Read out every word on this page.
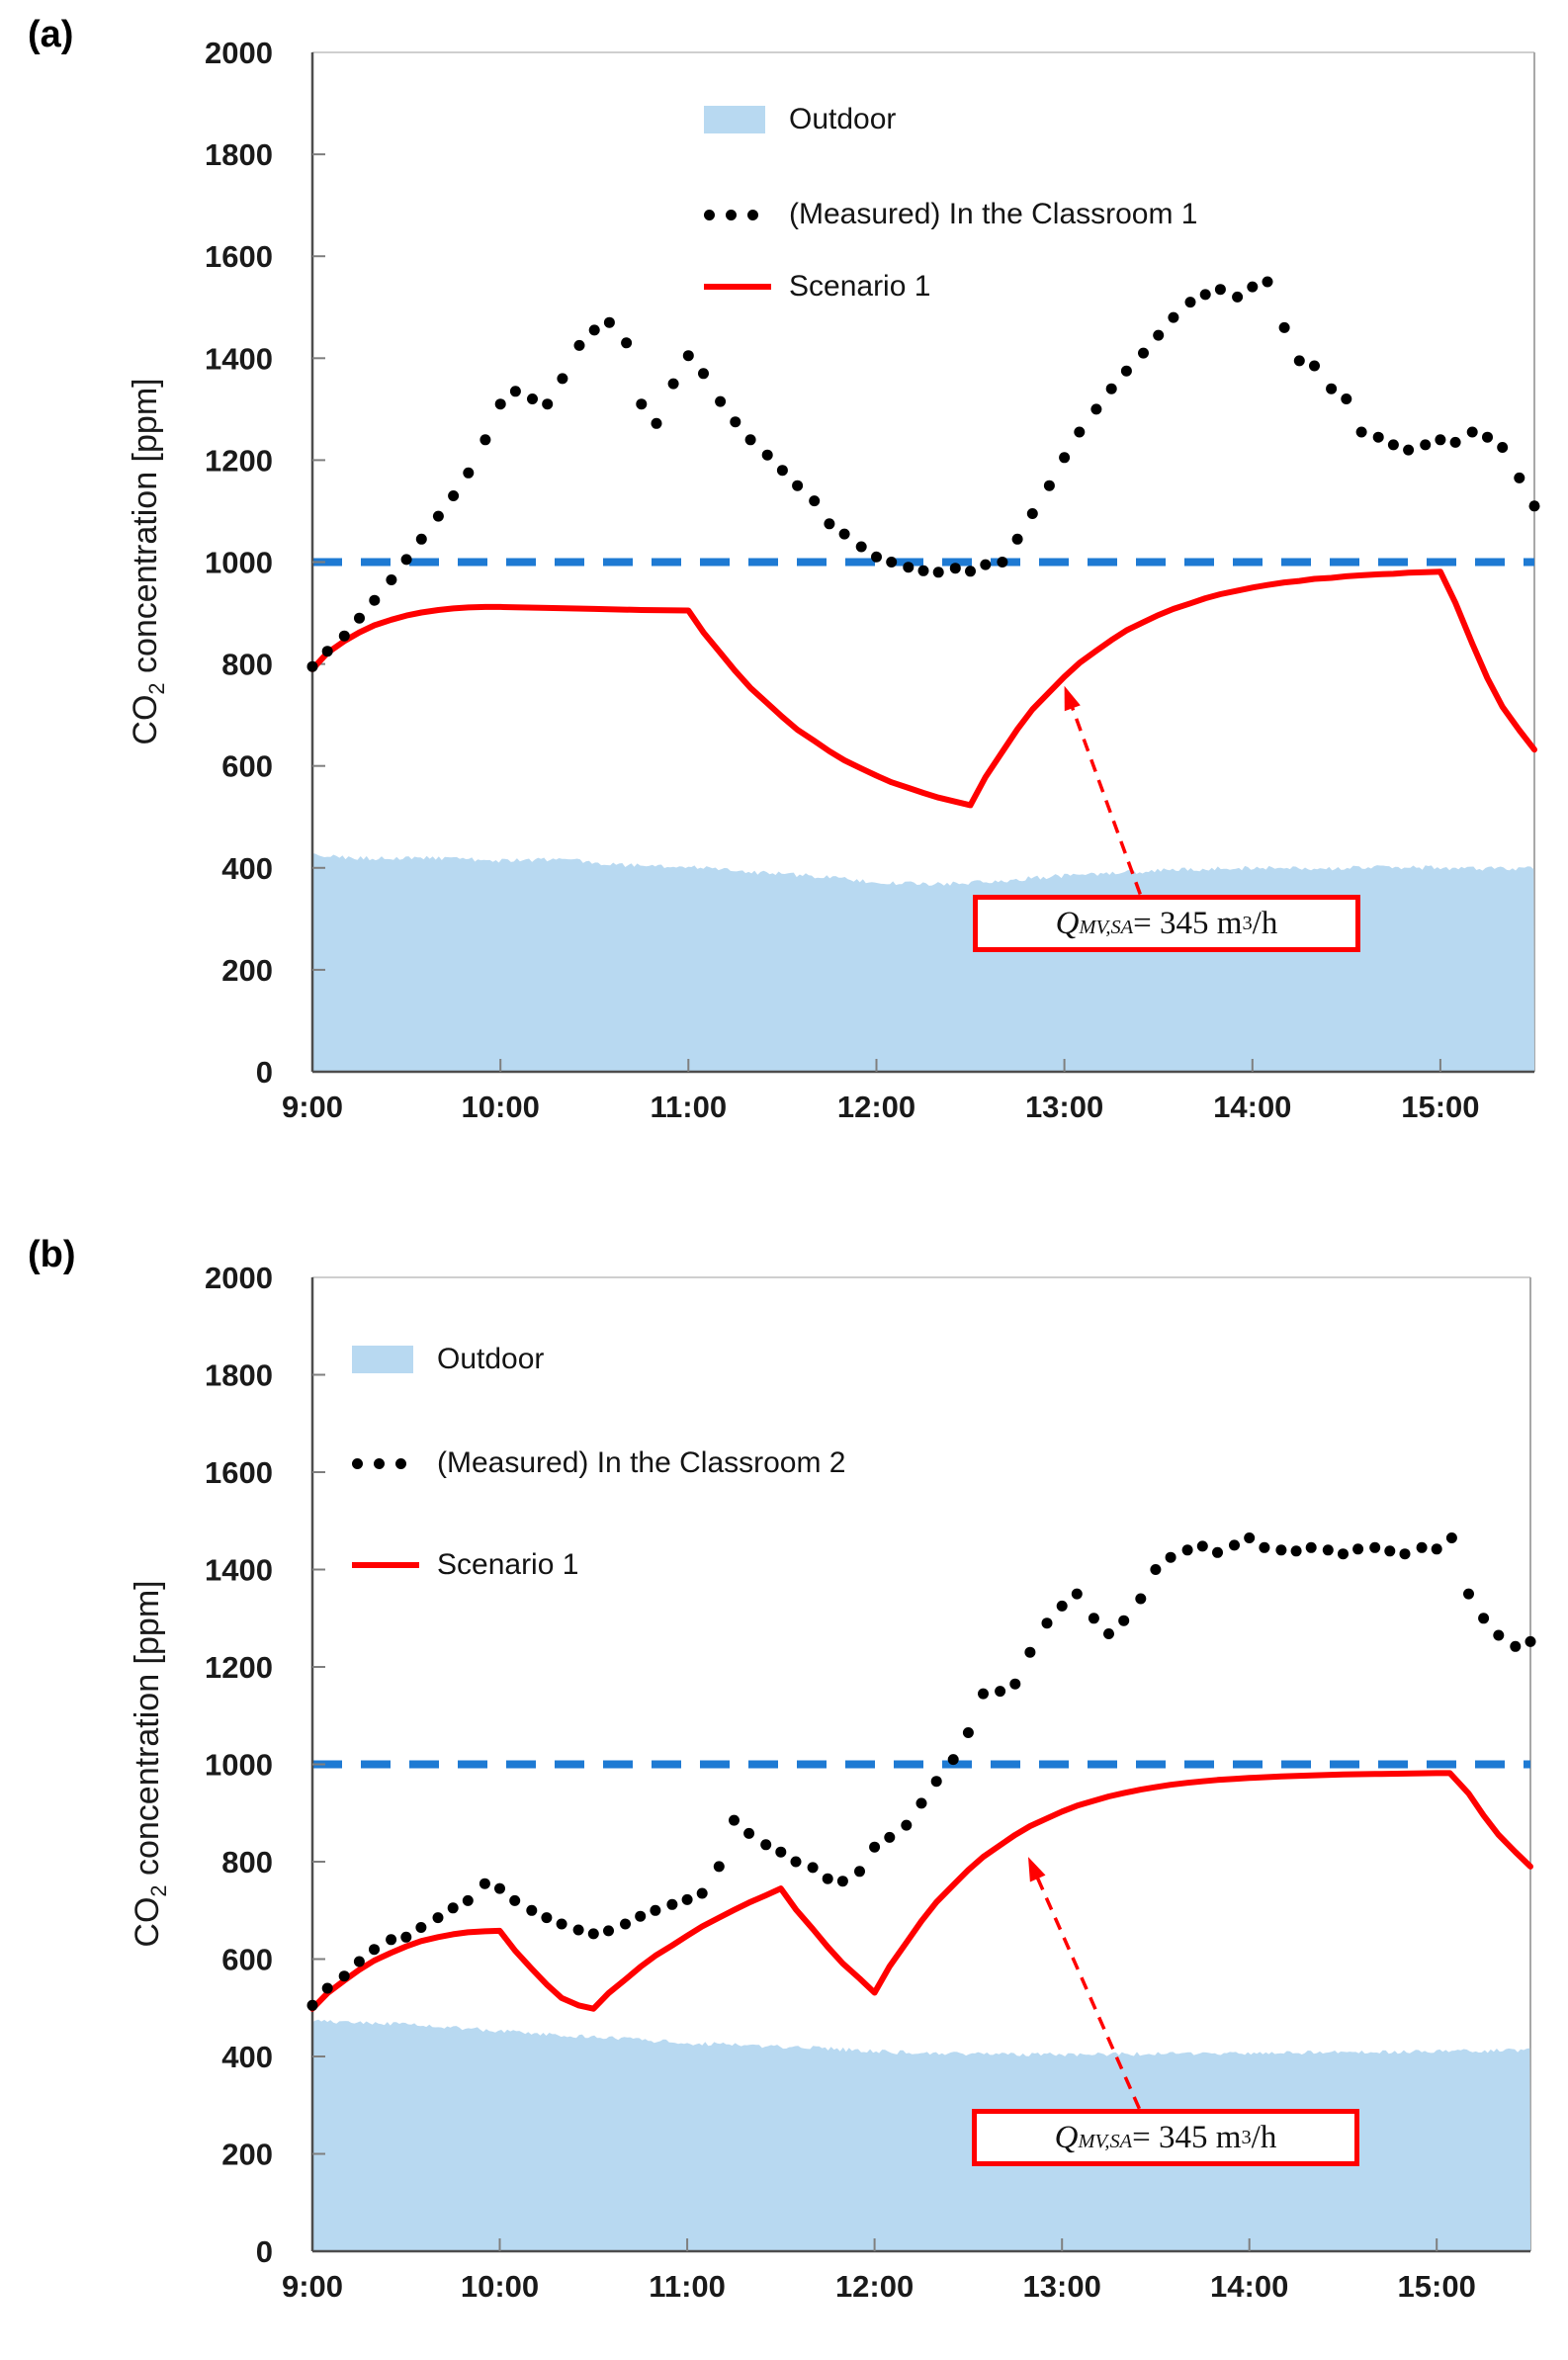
0
200
400
600
800
1000
1200
1400
1600
1800
2000
9:00	10:00	11:00	12:00	13:00	14:00	15:00
0
200
400
600
800
1000
1200
1400
1600
1800
2000
9:00	10:00	11:00	12:00	13:00	14:00	15:00
(a)
(b)
$CO_2$ concentration [ppm]
$CO_2$ concentration [ppm]
Outdoor
(Measured) In the Classroom 1
Scenario 1
Outdoor
(Measured) In the Classroom 2
Scenario 1
Q MV,SA = 345 m 3 /h
Q MV,SA = 345 m 3 /h
